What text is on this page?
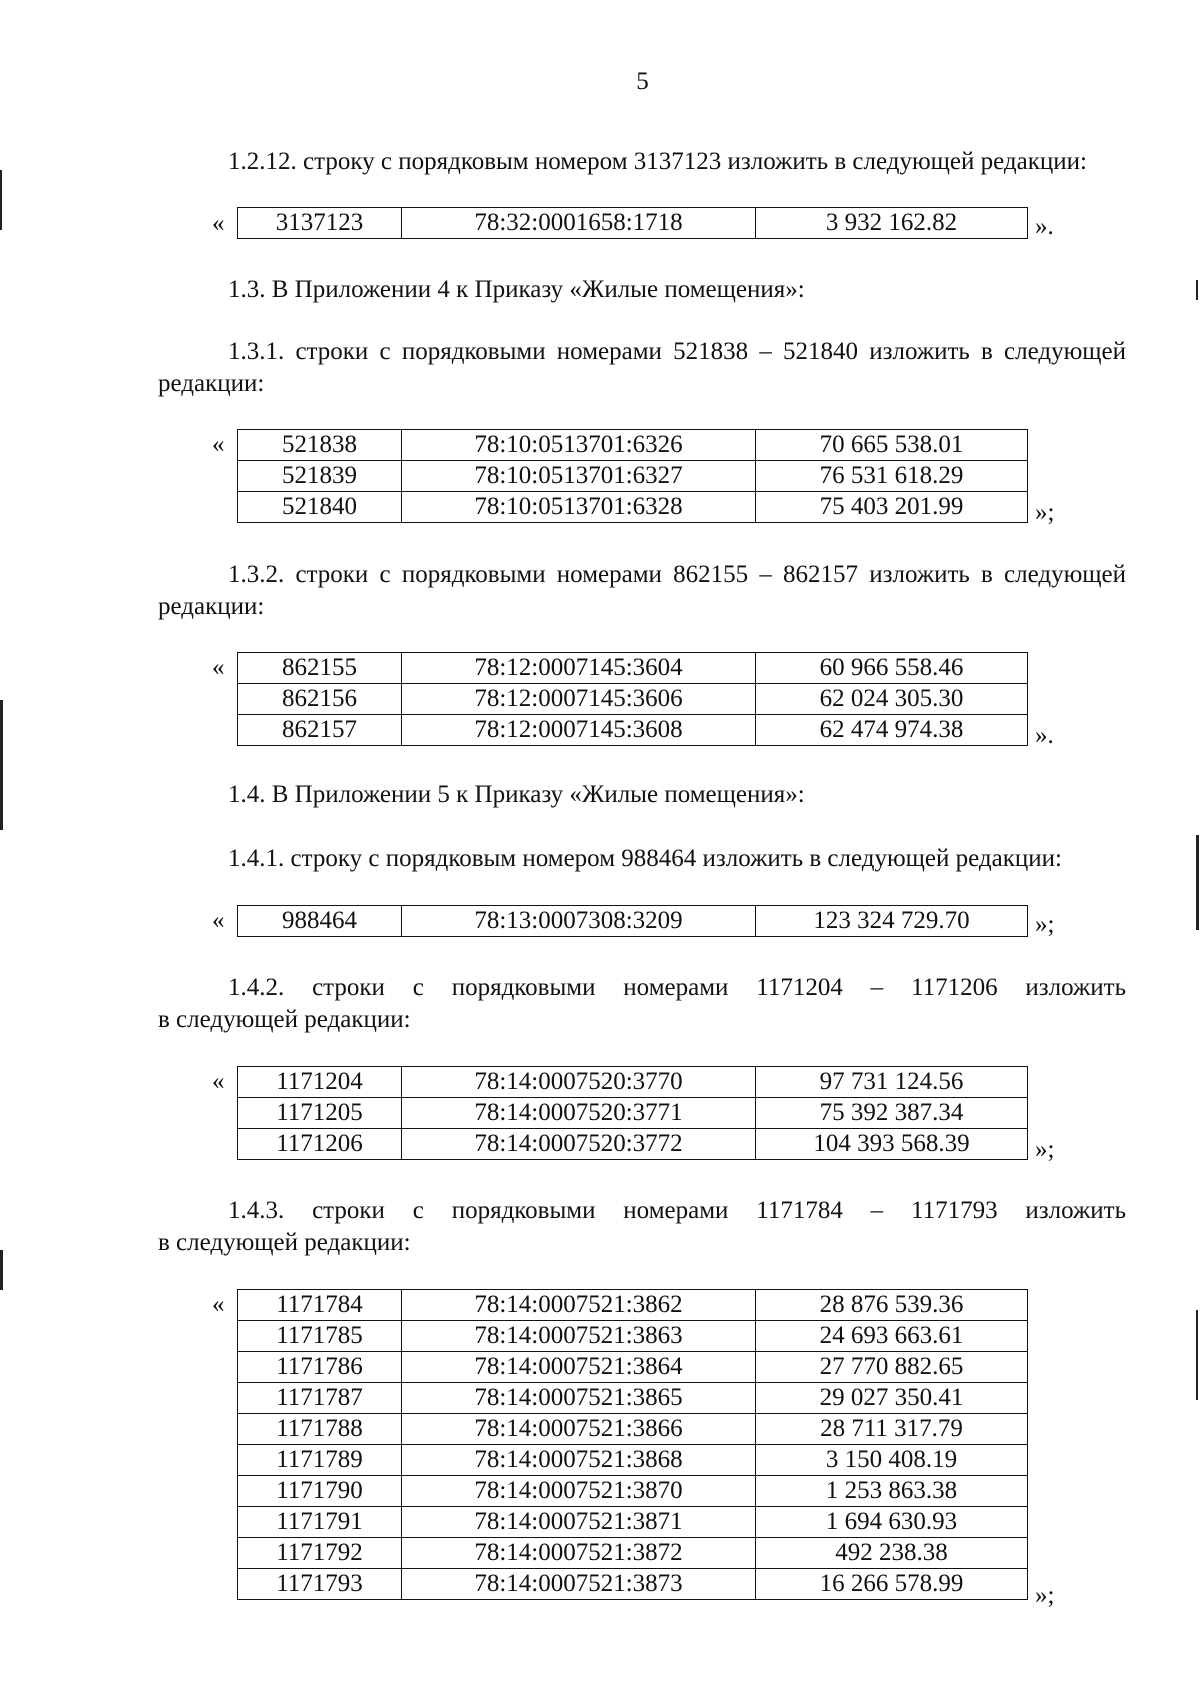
5
1.2.12. строку с порядковым номером 3137123 изложить в следующей редакции:
« 3137123	78:32:0001658:1718	3 932 162.82	».
1.3. В Приложении 4 к Приказу «Жилые помещения»:
1.3.1. строки с порядковыми номерами 521838 – 521840 изложить в следующей
редакции:
« 521838	78:10:0513701:6326	70 665 538.01
521839	78:10:0513701:6327	76 531 618.29
521840	78:10:0513701:6328	75 403 201.99	»;
1.3.2. строки с порядковыми номерами 862155 – 862157 изложить в следующей
редакции:
« 862155	78:12:0007145:3604	60 966 558.46
862156	78:12:0007145:3606	62 024 305.30
862157	78:12:0007145:3608	62 474 974.38	».
1.4. В Приложении 5 к Приказу «Жилые помещения»:
1.4.1. строку с порядковым номером 988464 изложить в следующей редакции:
« 988464	78:13:0007308:3209	123 324 729.70	»;
1.4.2. строки с порядковыми номерами 1171204 – 1171206 изложить
в следующей редакции:
« 1171204	78:14:0007520:3770	97 731 124.56
1171205	78:14:0007520:3771	75 392 387.34
1171206	78:14:0007520:3772	104 393 568.39	»;
1.4.3. строки с порядковыми номерами 1171784 – 1171793 изложить
в следующей редакции:
« 1171784	78:14:0007521:3862	28 876 539.36
1171785	78:14:0007521:3863	24 693 663.61
1171786	78:14:0007521:3864	27 770 882.65
1171787	78:14:0007521:3865	29 027 350.41
1171788	78:14:0007521:3866	28 711 317.79
1171789	78:14:0007521:3868	3 150 408.19
1171790	78:14:0007521:3870	1 253 863.38
1171791	78:14:0007521:3871	1 694 630.93
1171792	78:14:0007521:3872	492 238.38
1171793	78:14:0007521:3873	16 266 578.99	»;
